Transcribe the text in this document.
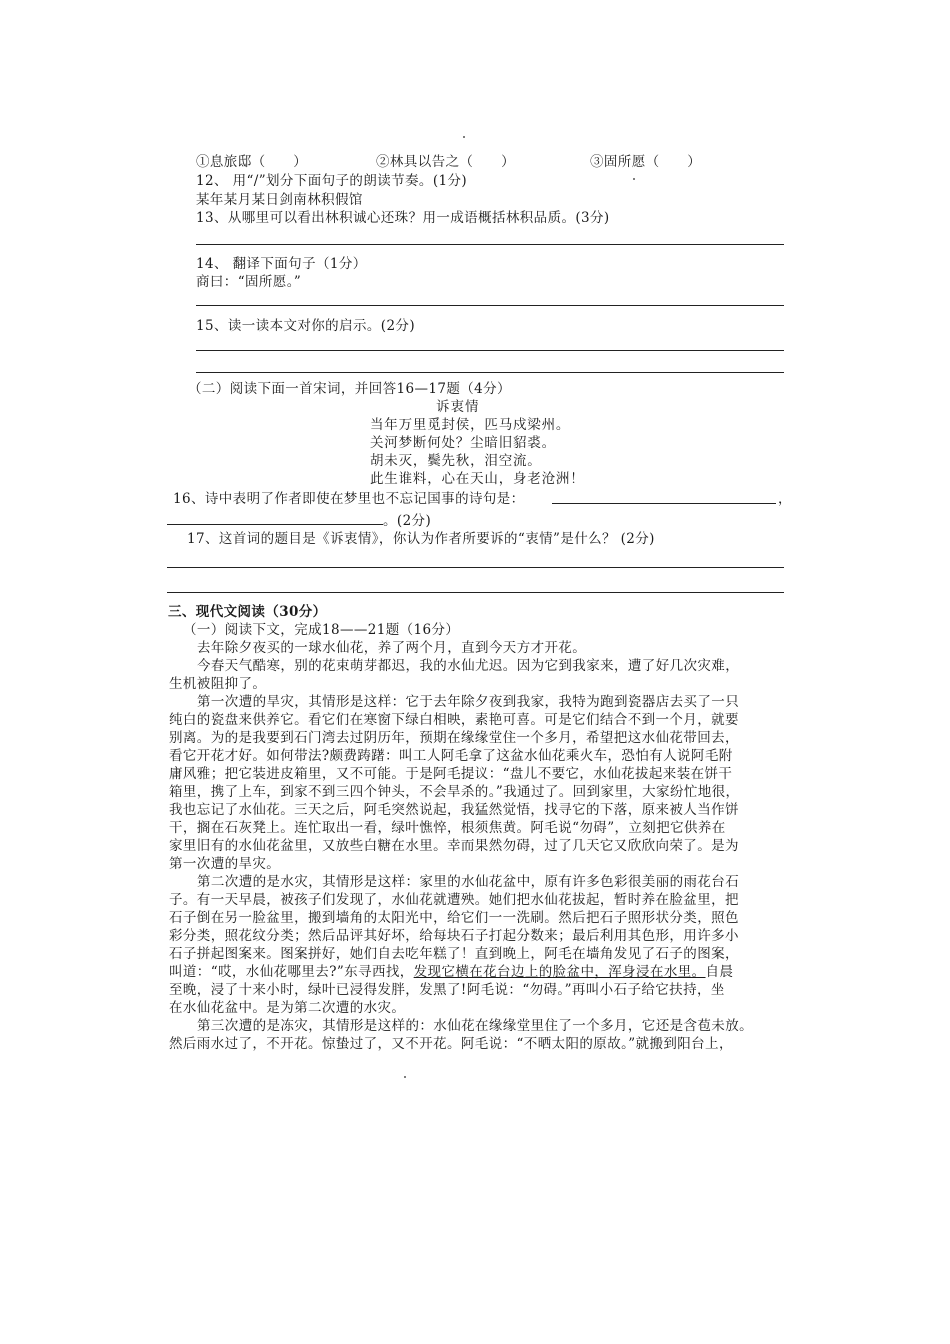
①息旅邸（　　）	②林具以告之（　　）	③固所愿（　　）
12、 用“/”划分下面句子的朗读节奏。(1分)
某年某月某日剑南林积假馆
13、从哪里可以看出林积诚心还珠？用一成语概括林积品质。(3分)
14、 翻译下面句子（1分）
商曰：“固所愿。”
15、读一读本文对你的启示。(2分)
（二）阅读下面一首宋词，并回答16—17题（4分）
诉衷情
当年万里觅封侯，匹马戍梁州。
关河梦断何处？尘暗旧貂裘。
胡未灭，鬓先秋，泪空流。
此生谁料，心在天山，身老沧洲！
16、诗中表明了作者即使在梦里也不忘记国事的诗句是：	，
。(2分)
17、这首词的题目是《诉衷情》，你认为作者所要诉的“衷情”是什么？ (2分)
三、现代文阅读（30分）
（一）阅读下文，完成18——21题（16分）
去年除夕夜买的一球水仙花，养了两个月，直到今天方才开花。
今春天气酷寒，别的花束萌芽都迟，我的水仙尤迟。因为它到我家来，遭了好几次灾难，
生机被阻抑了。
第一次遭的旱灾，其情形是这样：它于去年除夕夜到我家，我特为跑到瓷器店去买了一只
纯白的瓷盘来供养它。看它们在寒窗下绿白相映，素艳可喜。可是它们结合不到一个月，就要
别离。为的是我要到石门湾去过阴历年，预期在缘缘堂住一个多月，希望把这水仙花带回去，
看它开花才好。如何带法?颇费踌躇：叫工人阿毛拿了这盆水仙花乘火车，恐怕有人说阿毛附
庸风雅；把它装进皮箱里，又不可能。于是阿毛提议：“盘儿不要它，水仙花拔起来装在饼干
箱里，携了上车，到家不到三四个钟头，不会旱杀的。”我通过了。回到家里，大家纷忙地很，
我也忘记了水仙花。三天之后，阿毛突然说起，我猛然觉悟，找寻它的下落，原来被人当作饼
干，搁在石灰凳上。连忙取出一看，绿叶憔悴，根须焦黄。阿毛说“勿碍”，立刻把它供养在
家里旧有的水仙花盆里，又放些白糖在水里。幸而果然勿碍，过了几天它又欣欣向荣了。是为
第一次遭的旱灾。
第二次遭的是水灾，其情形是这样：家里的水仙花盆中，原有许多色彩很美丽的雨花台石
子。有一天早晨，被孩子们发现了，水仙花就遭殃。她们把水仙花拔起，暂时养在脸盆里，把
石子倒在另一脸盆里，搬到墙角的太阳光中，给它们一一洗刷。然后把石子照形状分类，照色
彩分类，照花纹分类；然后品评其好坏，给每块石子打起分数来；最后利用其色形，用许多小
石子拼起图案来。图案拼好，她们自去吃年糕了！直到晚上，阿毛在墙角发见了石子的图案，
叫道：“哎，水仙花哪里去?”东寻西找，发现它横在花台边上的脸盆中，浑身浸在水里。自晨
至晚，浸了十来小时，绿叶已浸得发胖，发黑了!阿毛说：“勿碍。”再叫小石子给它扶持，坐
在水仙花盆中。是为第二次遭的水灾。
第三次遭的是冻灾，其情形是这样的：水仙花在缘缘堂里住了一个多月，它还是含苞未放。
然后雨水过了，不开花。惊蛰过了，又不开花。阿毛说：“不晒太阳的原故。”就搬到阳台上，
